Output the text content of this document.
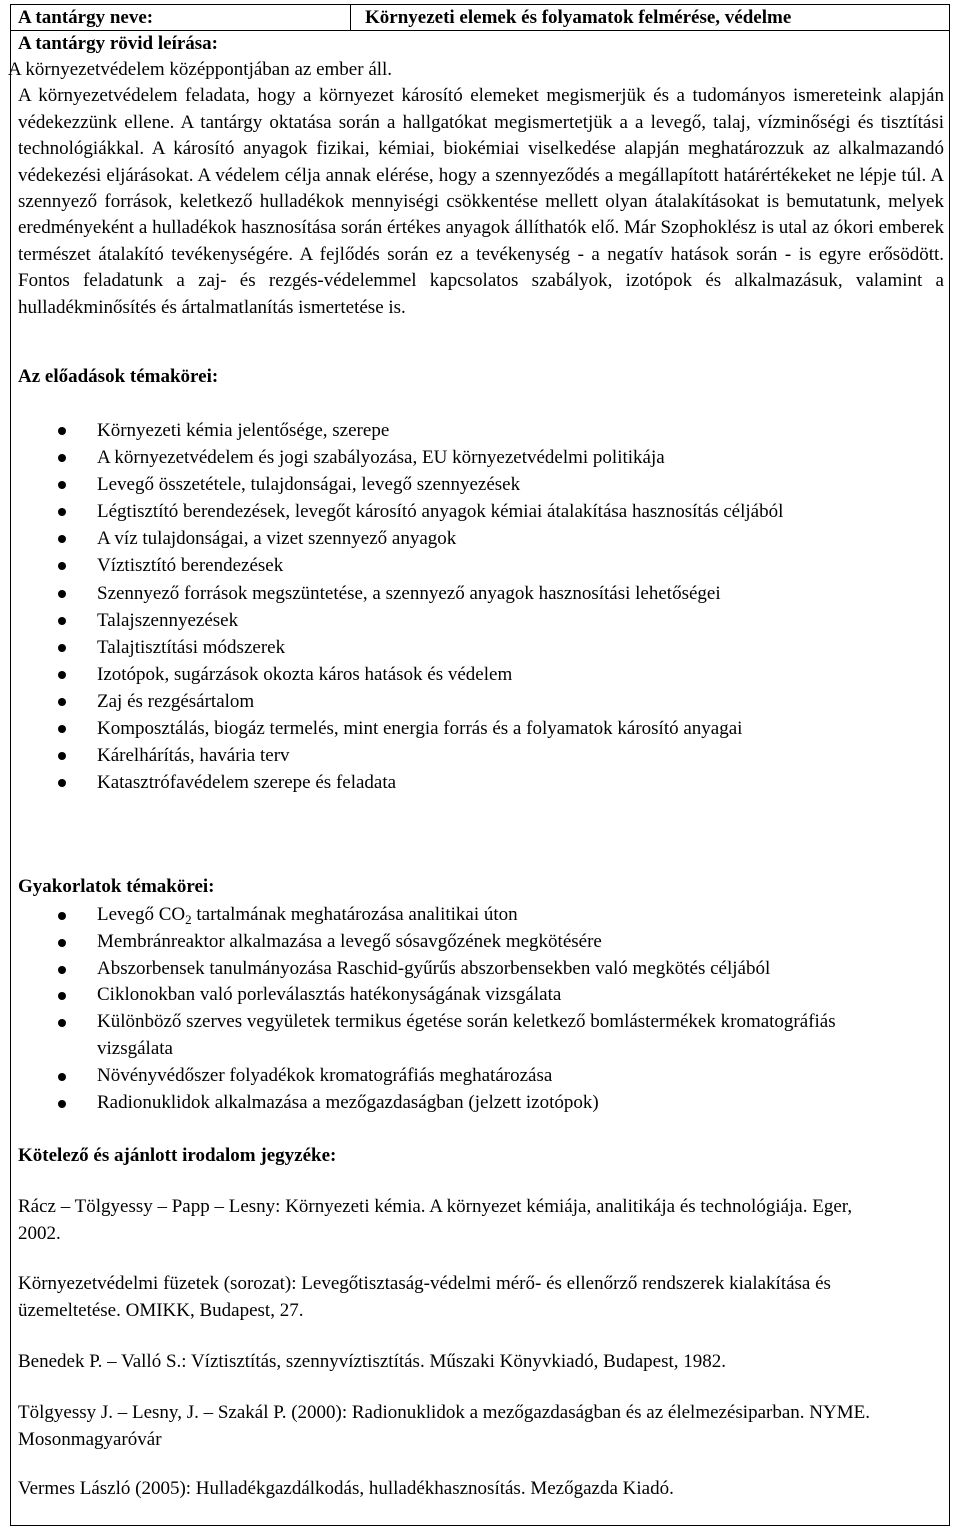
A tantárgy neve:	Környezeti elemek és folyamatok felmérése, védelme
A tantárgy rövid leírása:

A környezetvédelem középpontjában az ember áll.
A környezetvédelem feladata, hogy a környezet károsító elemeket megismerjük és a tudományos ismereteink alapján védekezzünk ellene. A tantárgy oktatása során a hallgatókat megismertetjük a a levegő, talaj, vízminőségi és tisztítási technológiákkal. A károsító anyagok fizikai, kémiai, biokémiai viselkedése alapján meghatározzuk az alkalmazandó védekezési eljárásokat. A védelem célja annak elérése, hogy a szennyeződés a megállapított határértékeket ne lépje túl. A szennyező források, keletkező hulladékok mennyiségi csökkentése mellett olyan átalakításokat is bemutatunk, melyek eredményeként a hulladékok hasznosítása során értékes anyagok állíthatók elő. Már Szophoklész is utal az ókori emberek természet átalakító tevékenységére. A fejlődés során ez a tevékenység - a negatív hatások során - is egyre erősödött. Fontos feladatunk a zaj- és rezgés-védelemmel kapcsolatos szabályok, izotópok és alkalmazásuk, valamint a hulladékminősítés és ártalmatlanítás ismertetése is.

Az előadások témakörei:

Környezeti kémia jelentősége, szerepe
A környezetvédelem és jogi szabályozása, EU környezetvédelmi politikája
Levegő összetétele, tulajdonságai, levegő szennyezések
Légtisztító berendezések, levegőt károsító anyagok kémiai átalakítása hasznosítás céljából
A víz tulajdonságai, a vizet szennyező anyagok
Víztisztító berendezések
Szennyező források megszüntetése, a szennyező anyagok hasznosítási lehetőségei
Talajszennyezések
Talajtisztítási módszerek
Izotópok, sugárzások okozta káros hatások és védelem
Zaj és rezgésártalom
Komposztálás, biogáz termelés, mint energia forrás és a folyamatok károsító anyagai
Kárelhárítás, havária terv
Katasztrófavédelem szerepe és feladata

Gyakorlatok témakörei:

Levegő $CO_2$ tartalmának meghatározása analitikai úton
Membránreaktor alkalmazása a levegő sósavgőzének megkötésére
Abszorbensek tanulmányozása Raschid-gyűrűs abszorbensekben való megkötés céljából
Ciklonokban való porleválasztás hatékonyságának vizsgálata
Különböző szerves vegyületek termikus égetése során keletkező bomlástermékek kromatográfiás vizsgálata
Növényvédőszer folyadékok kromatográfiás meghatározása
Radionuklidok alkalmazása a mezőgazdaságban (jelzett izotópok)

Kötelező és ajánlott irodalom jegyzéke:

Rácz – Tölgyessy – Papp – Lesny: Környezeti kémia. A környezet kémiája, analitikája és technológiája. Eger, 2002.

Környezetvédelmi füzetek (sorozat): Levegőtisztaság-védelmi mérő- és ellenőrző rendszerek kialakítása és üzemeltetése. OMIKK, Budapest, 27.

Benedek P. – Valló S.: Víztisztítás, szennyvíztisztítás. Műszaki Könyvkiadó, Budapest, 1982.

Tölgyessy J. – Lesny, J. – Szakál P. (2000): Radionuklidok a mezőgazdaságban és az élelmezésiparban. NYME. Mosonmagyaróvár

Vermes László (2005): Hulladékgazdálkodás, hulladékhasznosítás. Mezőgazda Kiadó.
